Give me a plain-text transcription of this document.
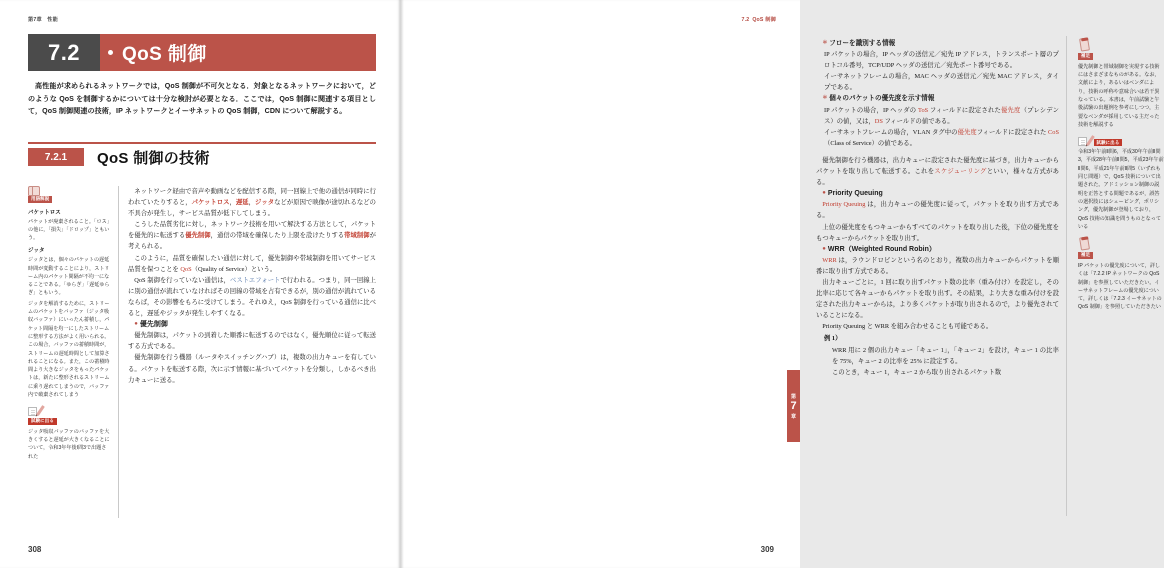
第7章　性能
7.2	QoS 制御
高性能が求められるネットワークでは，QoS 制御が不可欠となる．対象となるネットワークにおいて，どのような QoS を制御するかについては十分な検討が必要となる．ここでは，QoS 制御に関連する項目として，QoS 制御関連の技術，IP ネットワークとイーサネットの QoS 制御，CDN について解説する。
7.2.1	QoS 制御の技術
用語解説
パケットロス
パケットが廃棄されること。「ロス」の他に，「損失」「ドロップ」ともいう。
ジッタ
ジッタとは，個々のパケットの遅延時間が変動することにより，ストリーム内のパケット間隔が不均一になることである。「ゆらぎ」「遅延ゆらぎ」ともいう。
ジッタを解消するために，ストリームのパケットをバッファ（ジッタ吸収バッファ）にいったん蓄積し，パケット間隔を均一にしたストリームに整形する方法がよく用いられる。この場合，バッファの蓄積時間が，ストリームの遅延時間として加算されることになる。また，この蓄積時間より大きなジッタをもったパケットは，新たに整形されるストリームに乗り遅れてしまうので，バッファ内で破棄されてしまう
試験に出る
ジッタ吸収バッファのバッファを大きくすると遅延が大きくなることについて，令和3年年後Ⅰ問3で出題された

ネットワーク経由で音声や動画などを配信する際，同一回線上で他の通信が同時に行われていたりすると，パケットロス，遅延，ジッタなどが原因で映像が途切れるなどの不具合が発生し，サービス品質が低下してしまう。

こうした品質劣化に対し，ネットワーク技術を用いて解決する方法として，パケットを優先的に転送する優先制御，通信の帯域を確保したり上限を設けたりする帯域制御が考えられる。

このように，品質を確保したい通信に対して，優先制御や帯域制御を用いてサービス品質を保つことを QoS（Quality of Service）という。

QoS 制御を行っていない通信は，ベストエフォートで行われる。つまり，同一回線上に別の通信が流れていなければその回線の帯域を占有できるが，別の通信が流れているならば，その影響をもろに受けてしまう。それゆえ，QoS 制御を行っている通信に比べると，遅延やジッタが発生しやすくなる。

● 優先制御

優先制御は，パケットの到着した順番に転送するのではなく，優先順位に従って転送する方式である。

優先制御を行う機器（ルータやスイッチングハブ）は，複数の出力キューを有している。パケットを転送する際，次に示す情報に基づいてパケットを分類し，しかるべき出力キューに送る。

308
7.2 QoS 制御

＊ フローを識別する情報

IP パケットの場合，IP ヘッダの送信元／宛先 IP アドレス，トランスポート層のプロトコル番号，TCP/UDP ヘッダの送信元／宛先ポート番号である。

イーサネットフレームの場合，MAC ヘッダの送信元／宛先 MAC アドレス，タイプである。

＊ 個々のパケットの優先度を示す情報

IP パケットの場合，IP ヘッダの ToS フィールドに設定された優先度（プレシデンス）の値，又は，DS フィールドの値である。

イーサネットフレームの場合，VLAN タグ中の優先度フィールドに設定された CoS（Class of Service）の値である。

優先制御を行う機器は，出力キューに設定された優先度に基づき，出力キューからパケットを取り出して転送する。これをスケジューリングといい，様々な方式がある。

● Priority Queuing

Priority Queuing は，出力キューの優先度に従って，パケットを取り出す方式である。

上位の優先度をもつキューからすべてのパケットを取り出した後，下位の優先度をもつキューからパケットを取り出す。

● WRR（Weighted Round Robin）

WRR は，ラウンドロビンという名のとおり，複数の出力キューからパケットを順番に取り出す方式である。

出力キューごとに，1 回に取り出すパケット数の比率（重み付け）を設定し，その比率に応じて各キューからパケットを取り出す。その結果，より大きな重み付けを設定された出力キューからは，より多くパケットが取り出されるので，より優先されていることになる。

Priority Queuing と WRR を組み合わせることも可能である。

例 1）

WRR 用に 2 個の出力キュー「キュー 1」，「キュー 2」を設け，キュー 1 の比率を 75%，キュー 2 の比率を 25% に設定する。

このとき，キュー 1，キュー 2 から取り出されるパケット数

補足
優先制御と帯域制御を実現する技術にはさまざまなものがある。なお，文献により，あるいはベンダにより，技術の呼称や意味合いは若干異なっている。本書は，午前試験と午後試験の出題例を参考にしつつ，主要なベンダが採用している主だった技術を解説する
試験に出る
令和3年午前Ⅱ問6，平成30年午前Ⅱ問3，平成28年午前Ⅱ問5，平成23年午前Ⅱ問6，平成21年午前Ⅱ問5（いずれも同じ問題）で，QoS 技術について出題された。アドミッション制御の説明を正答とする問題であるが，誤答の選択肢にはシェーピング，ポリシング，優先制御が登場しており，QoS 技術の知識を問うものとなっている
補足
IP パケットの優先度について，詳しくは「7.2.2 IP ネットワークの QoS 制御」を参照していただきたい。イーサネットフレームの優先度について，詳しくは「7.2.3 イーサネットの QoS 制御」を参照していただきたい
第
7
章
309
